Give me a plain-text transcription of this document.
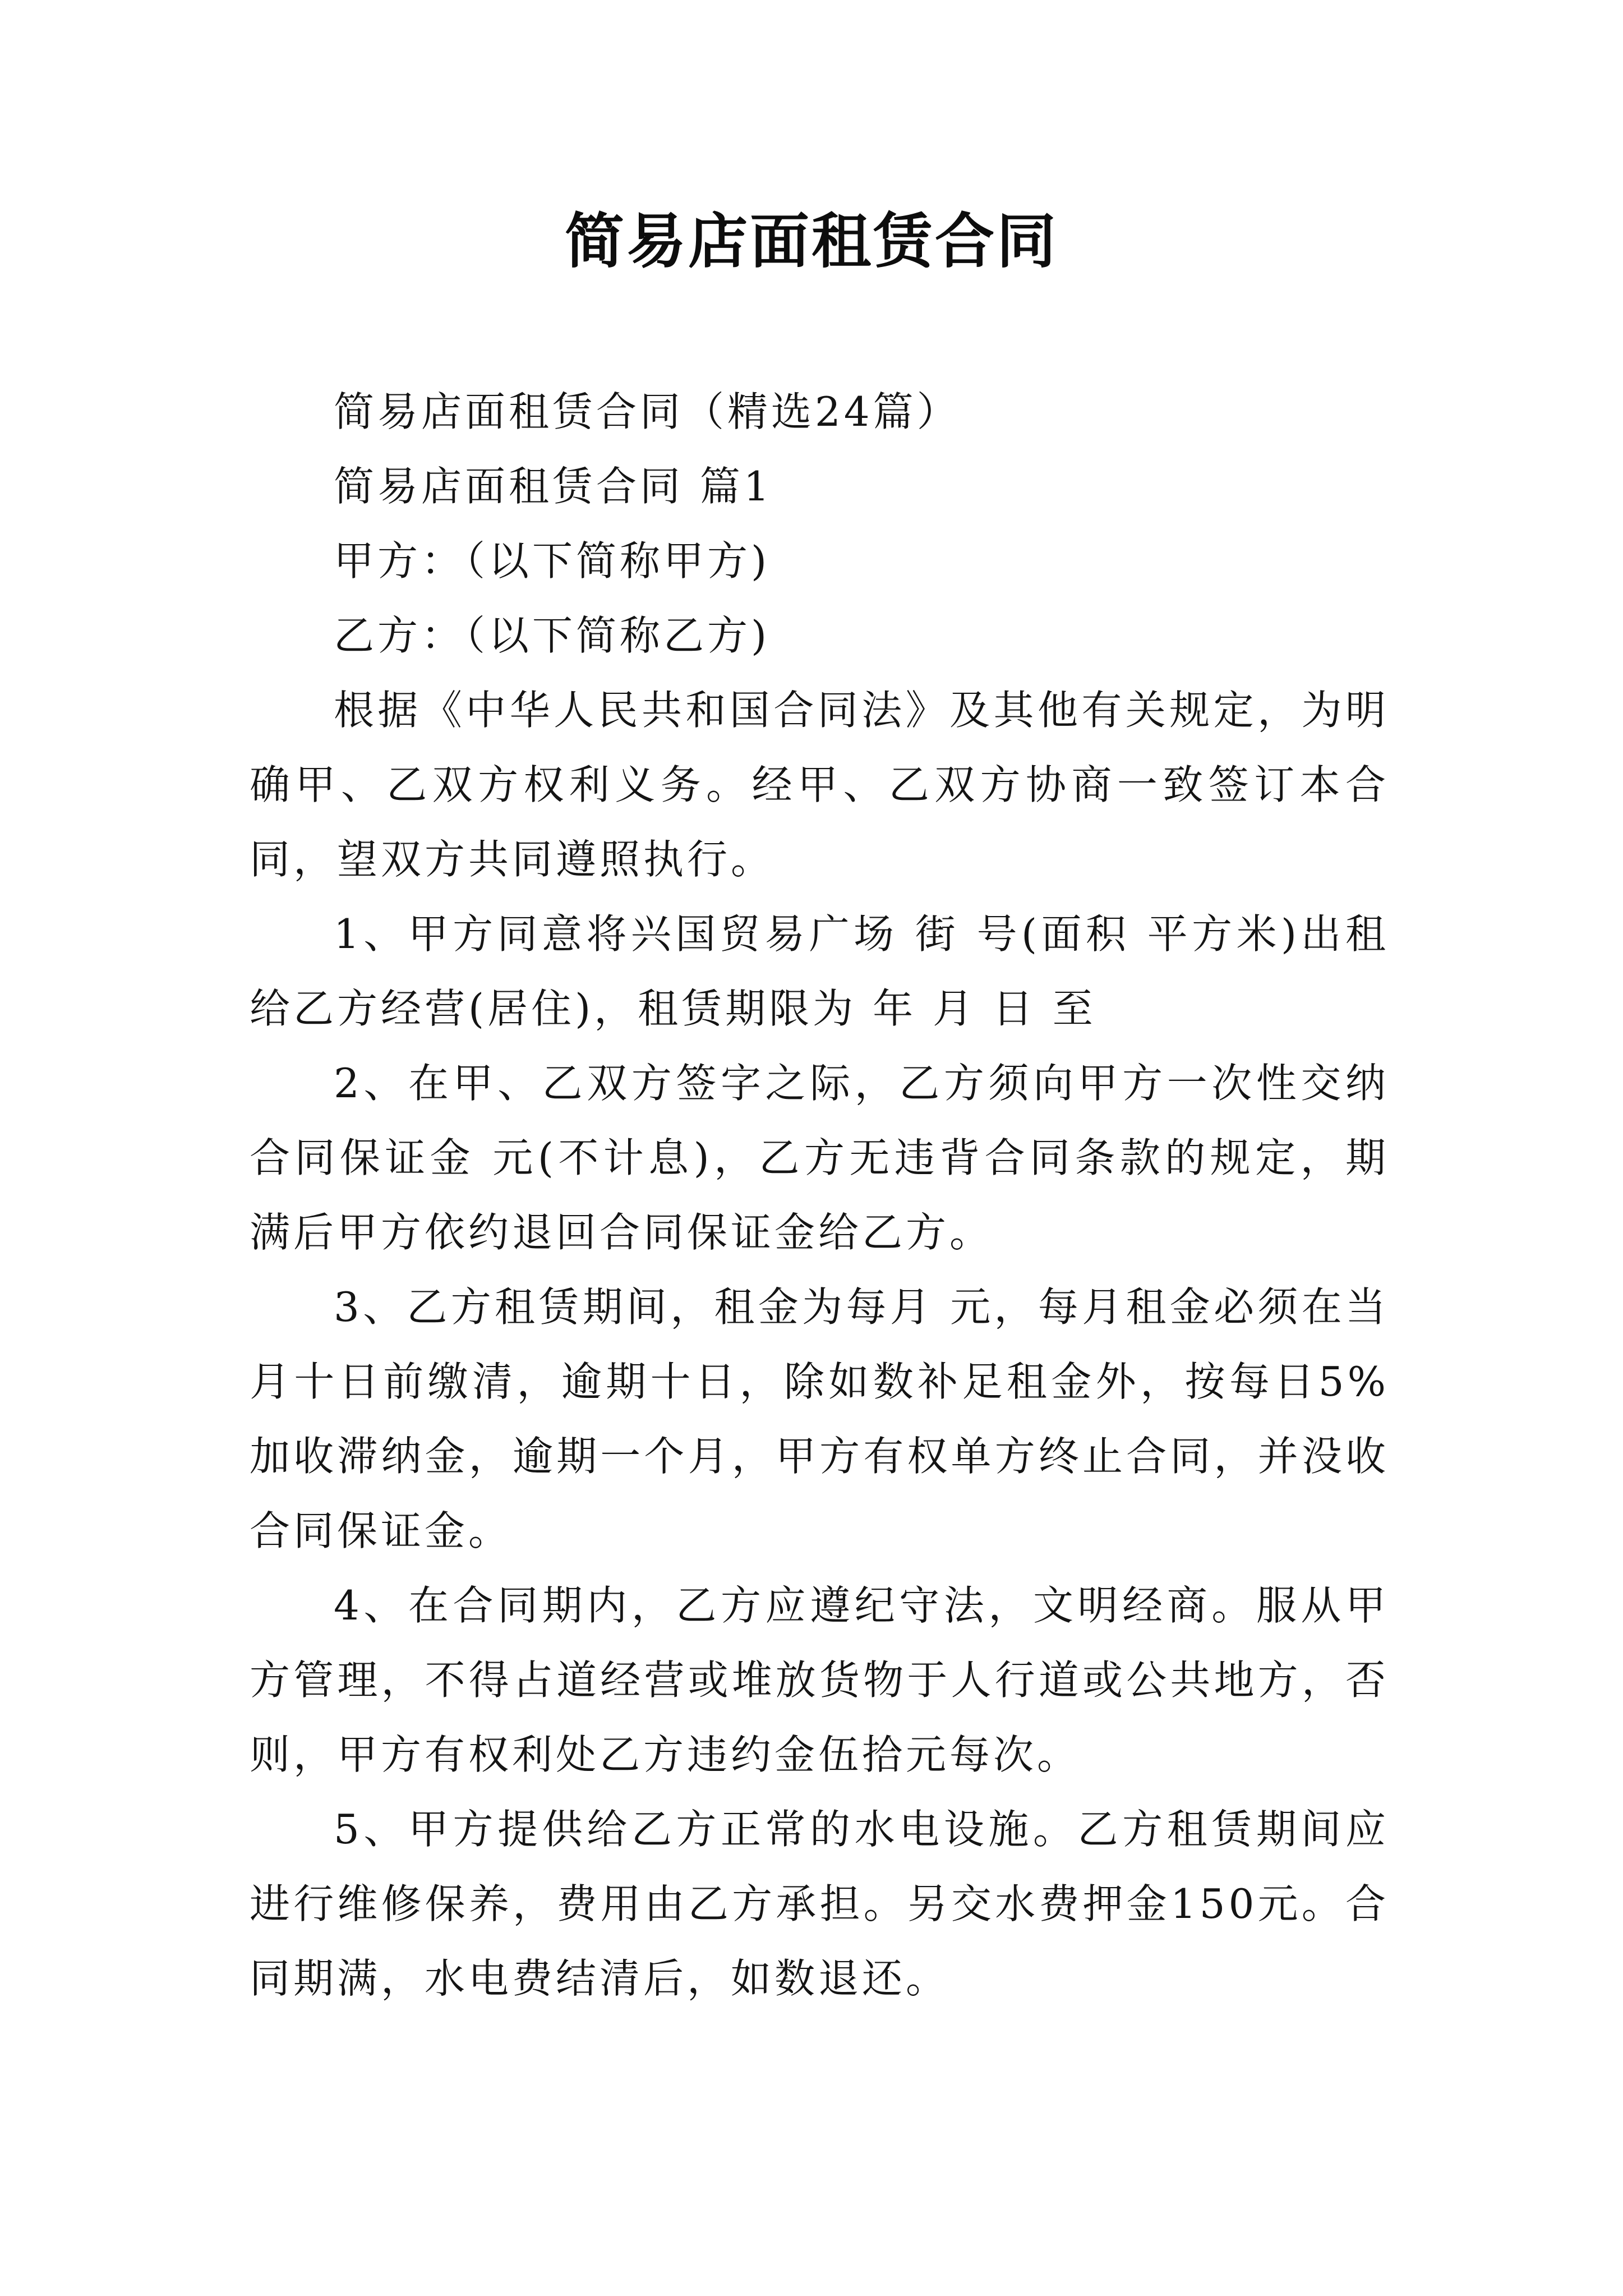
简易店面租赁合同

简易店面租赁合同（精选24篇）

简易店面租赁合同 篇1

甲方：（以下简称甲方)

乙方：（以下简称乙方)

根据《中华人民共和国合同法》及其他有关规定，为明确甲、乙双方权利义务。经甲、乙双方协商一致签订本合同，望双方共同遵照执行。

1、甲方同意将兴国贸易广场 街 号(面积 平方米)出租给乙方经营(居住)，租赁期限为 年 月 日 至

2、在甲、乙双方签字之际，乙方须向甲方一次性交纳合同保证金 元(不计息)，乙方无违背合同条款的规定，期满后甲方依约退回合同保证金给乙方。

3、乙方租赁期间，租金为每月 元，每月租金必须在当月十日前缴清，逾期十日，除如数补足租金外，按每日5%加收滞纳金，逾期一个月，甲方有权单方终止合同，并没收合同保证金。

4、在合同期内，乙方应遵纪守法，文明经商。服从甲方管理，不得占道经营或堆放货物于人行道或公共地方，否则，甲方有权利处乙方违约金伍拾元每次。

5、甲方提供给乙方正常的水电设施。乙方租赁期间应进行维修保养，费用由乙方承担。另交水费押金150元。合同期满，水电费结清后，如数退还。
